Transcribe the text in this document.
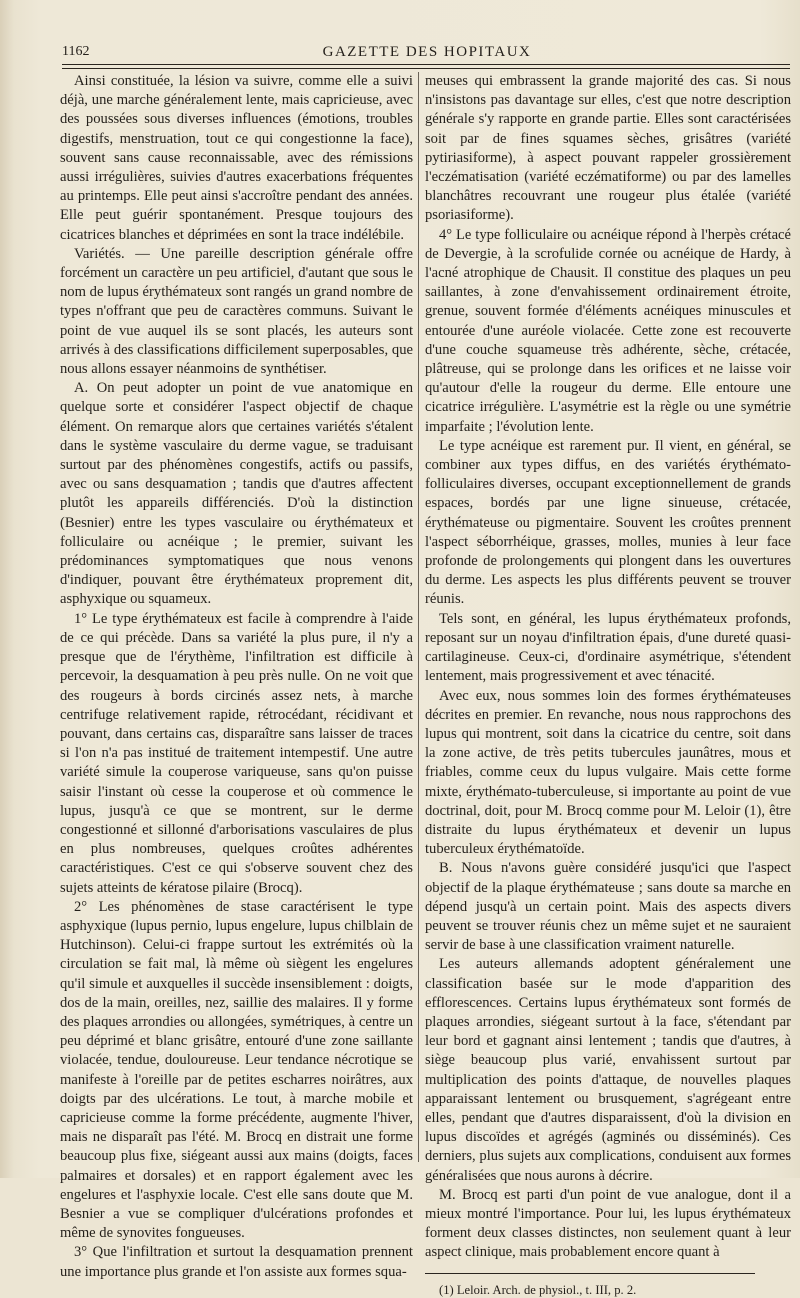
1162	GAZETTE DES HOPITAUX

Ainsi constituée, la lésion va suivre, comme elle a suivi déjà, une marche généralement lente, mais capricieuse, avec des poussées sous diverses influences (émotions, troubles digestifs, menstruation, tout ce qui congestionne la face), souvent sans cause reconnaissable, avec des rémissions aussi irrégulières, suivies d'autres exacerbations fréquentes au printemps. Elle peut ainsi s'accroître pendant des années. Elle peut guérir spontanément. Presque toujours des cicatrices blanches et déprimées en sont la trace indélébile.

Variétés. — Une pareille description générale offre forcément un caractère un peu artificiel, d'autant que sous le nom de lupus érythémateux sont rangés un grand nombre de types n'offrant que peu de caractères communs. Suivant le point de vue auquel ils se sont placés, les auteurs sont arrivés à des classifications difficilement superposables, que nous allons essayer néanmoins de synthétiser.

A. On peut adopter un point de vue anatomique en quelque sorte et considérer l'aspect objectif de chaque élément. On remarque alors que certaines variétés s'étalent dans le système vasculaire du derme vague, se traduisant surtout par des phénomènes congestifs, actifs ou passifs, avec ou sans desquamation ; tandis que d'autres affectent plutôt les appareils différenciés. D'où la distinction (Besnier) entre les types vasculaire ou érythémateux et folliculaire ou acnéique ; le premier, suivant les prédominances symptomatiques que nous venons d'indiquer, pouvant être érythémateux proprement dit, asphyxique ou squameux.

1° Le type érythémateux est facile à comprendre à l'aide de ce qui précède. Dans sa variété la plus pure, il n'y a presque que de l'érythème, l'infiltration est difficile à percevoir, la desquamation à peu près nulle. On ne voit que des rougeurs à bords circinés assez nets, à marche centrifuge relativement rapide, rétrocédant, récidivant et pouvant, dans certains cas, disparaître sans laisser de traces si l'on n'a pas institué de traitement intempestif. Une autre variété simule la couperose variqueuse, sans qu'on puisse saisir l'instant où cesse la couperose et où commence le lupus, jusqu'à ce que se montrent, sur le derme congestionné et sillonné d'arborisations vasculaires de plus en plus nombreuses, quelques croûtes adhérentes caractéristiques. C'est ce qui s'observe souvent chez des sujets atteints de kératose pilaire (Brocq).

2° Les phénomènes de stase caractérisent le type asphyxique (lupus pernio, lupus engelure, lupus chilblain de Hutchinson). Celui-ci frappe surtout les extrémités où la circulation se fait mal, là même où siègent les engelures qu'il simule et auxquelles il succède insensiblement : doigts, dos de la main, oreilles, nez, saillie des malaires. Il y forme des plaques arrondies ou allongées, symétriques, à centre un peu déprimé et blanc grisâtre, entouré d'une zone saillante violacée, tendue, douloureuse. Leur tendance nécrotique se manifeste à l'oreille par de petites escharres noirâtres, aux doigts par des ulcérations. Le tout, à marche mobile et capricieuse comme la forme précédente, augmente l'hiver, mais ne disparaît pas l'été. M. Brocq en distrait une forme beaucoup plus fixe, siégeant aussi aux mains (doigts, faces palmaires et dorsales) et en rapport également avec les engelures et l'asphyxie locale. C'est elle sans doute que M. Besnier a vue se compliquer d'ulcérations profondes et même de synovites fongueuses.

3° Que l'infiltration et surtout la desquamation prennent une importance plus grande et l'on assiste aux formes squa-

meuses qui embrassent la grande majorité des cas. Si nous n'insistons pas davantage sur elles, c'est que notre description générale s'y rapporte en grande partie. Elles sont caractérisées soit par de fines squames sèches, grisâtres (variété pytiriasiforme), à aspect pouvant rappeler grossièrement l'eczématisation (variété eczématiforme) ou par des lamelles blanchâtres recouvrant une rougeur plus étalée (variété psoriasiforme).

4° Le type folliculaire ou acnéique répond à l'herpès crétacé de Devergie, à la scrofulide cornée ou acnéique de Hardy, à l'acné atrophique de Chausit. Il constitue des plaques un peu saillantes, à zone d'envahissement ordinairement étroite, grenue, souvent formée d'éléments acnéiques minuscules et entourée d'une auréole violacée. Cette zone est recouverte d'une couche squameuse très adhérente, sèche, crétacée, plâtreuse, qui se prolonge dans les orifices et ne laisse voir qu'autour d'elle la rougeur du derme. Elle entoure une cicatrice irrégulière. L'asymétrie est la règle ou une symétrie imparfaite ; l'évolution lente.

Le type acnéique est rarement pur. Il vient, en général, se combiner aux types diffus, en des variétés érythémato-folliculaires diverses, occupant exceptionnellement de grands espaces, bordés par une ligne sinueuse, crétacée, érythémateuse ou pigmentaire. Souvent les croûtes prennent l'aspect séborrhéique, grasses, molles, munies à leur face profonde de prolongements qui plongent dans les ouvertures du derme. Les aspects les plus différents peuvent se trouver réunis.

Tels sont, en général, les lupus érythémateux profonds, reposant sur un noyau d'infiltration épais, d'une dureté quasi-cartilagineuse. Ceux-ci, d'ordinaire asymétrique, s'étendent lentement, mais progressivement et avec ténacité.

Avec eux, nous sommes loin des formes érythémateuses décrites en premier. En revanche, nous nous rapprochons des lupus qui montrent, soit dans la cicatrice du centre, soit dans la zone active, de très petits tubercules jaunâtres, mous et friables, comme ceux du lupus vulgaire. Mais cette forme mixte, érythémato-tuberculeuse, si importante au point de vue doctrinal, doit, pour M. Brocq comme pour M. Leloir (1), être distraite du lupus érythémateux et devenir un lupus tuberculeux érythématoïde.

B. Nous n'avons guère considéré jusqu'ici que l'aspect objectif de la plaque érythémateuse ; sans doute sa marche en dépend jusqu'à un certain point. Mais des aspects divers peuvent se trouver réunis chez un même sujet et ne sauraient servir de base à une classification vraiment naturelle.

Les auteurs allemands adoptent généralement une classification basée sur le mode d'apparition des efflorescences. Certains lupus érythémateux sont formés de plaques arrondies, siégeant surtout à la face, s'étendant par leur bord et gagnant ainsi lentement ; tandis que d'autres, à siège beaucoup plus varié, envahissent surtout par multiplication des points d'attaque, de nouvelles plaques apparaissant lentement ou brusquement, s'agrégeant entre elles, pendant que d'autres disparaissent, d'où la division en lupus discoïdes et agrégés (agminés ou disséminés). Ces derniers, plus sujets aux complications, conduisent aux formes généralisées que nous aurons à décrire.

M. Brocq est parti d'un point de vue analogue, dont il a mieux montré l'importance. Pour lui, les lupus érythémateux forment deux classes distinctes, non seulement quant à leur aspect clinique, mais probablement encore quant à

(1) Leloir. Arch. de physiol., t. III, p. 2.
